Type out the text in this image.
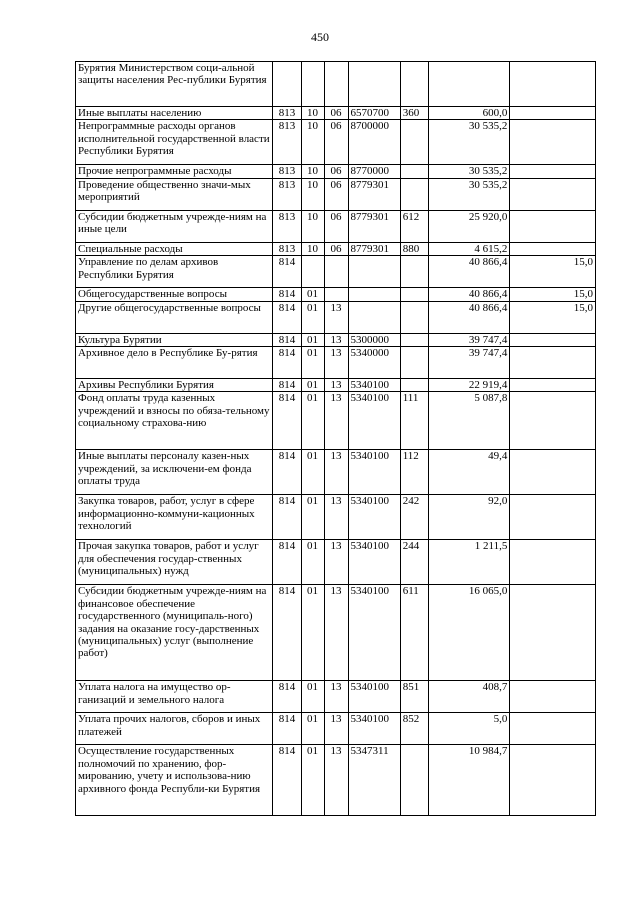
450
Бурятия Министерством соци-альной защиты населения Рес-публики Бурятия							
Иные выплаты населению	813	10	06	6570700	360	600,0	
Непрограммные расходы органов исполнительной государственной власти Республики Бурятия	813	10	06	8700000		30 535,2	
Прочие непрограммные расходы	813	10	06	8770000		30 535,2	
Проведение общественно значи-мых мероприятий	813	10	06	8779301		30 535,2	
Субсидии бюджетным учрежде-ниям на иные цели	813	10	06	8779301	612	25 920,0	
Специальные расходы	813	10	06	8779301	880	4 615,2	
Управление по делам архивов Республики Бурятия	814					40 866,4	15,0
Общегосударственные вопросы	814	01				40 866,4	15,0
Другие общегосударственные вопросы	814	01	13			40 866,4	15,0
Культура Бурятии	814	01	13	5300000		39 747,4	
Архивное дело в Республике Бу-рятия	814	01	13	5340000		39 747,4	
Архивы Республики Бурятия	814	01	13	5340100		22 919,4	
Фонд оплаты труда казенных учреждений и взносы по обяза-тельному социальному страхова-нию	814	01	13	5340100	111	5 087,8	
Иные выплаты персоналу казен-ных учреждений, за исключени-ем фонда оплаты труда	814	01	13	5340100	112	49,4	
Закупка товаров, работ, услуг в сфере информационно-коммуни-кационных технологий	814	01	13	5340100	242	92,0	
Прочая закупка товаров, работ и услуг для обеспечения государ-ственных (муниципальных) нужд	814	01	13	5340100	244	1 211,5	
Субсидии бюджетным учрежде-ниям на финансовое обеспечение государственного (муниципаль-ного) задания на оказание госу-дарственных (муниципальных) услуг (выполнение работ)	814	01	13	5340100	611	16 065,0	
Уплата налога на имущество ор-ганизаций и земельного налога	814	01	13	5340100	851	408,7	
Уплата прочих налогов, сборов и иных платежей	814	01	13	5340100	852	5,0	
Осуществление государственных полномочий по хранению, фор-мированию, учету и использова-нию архивного фонда Республи-ки Бурятия	814	01	13	5347311		10 984,7	
